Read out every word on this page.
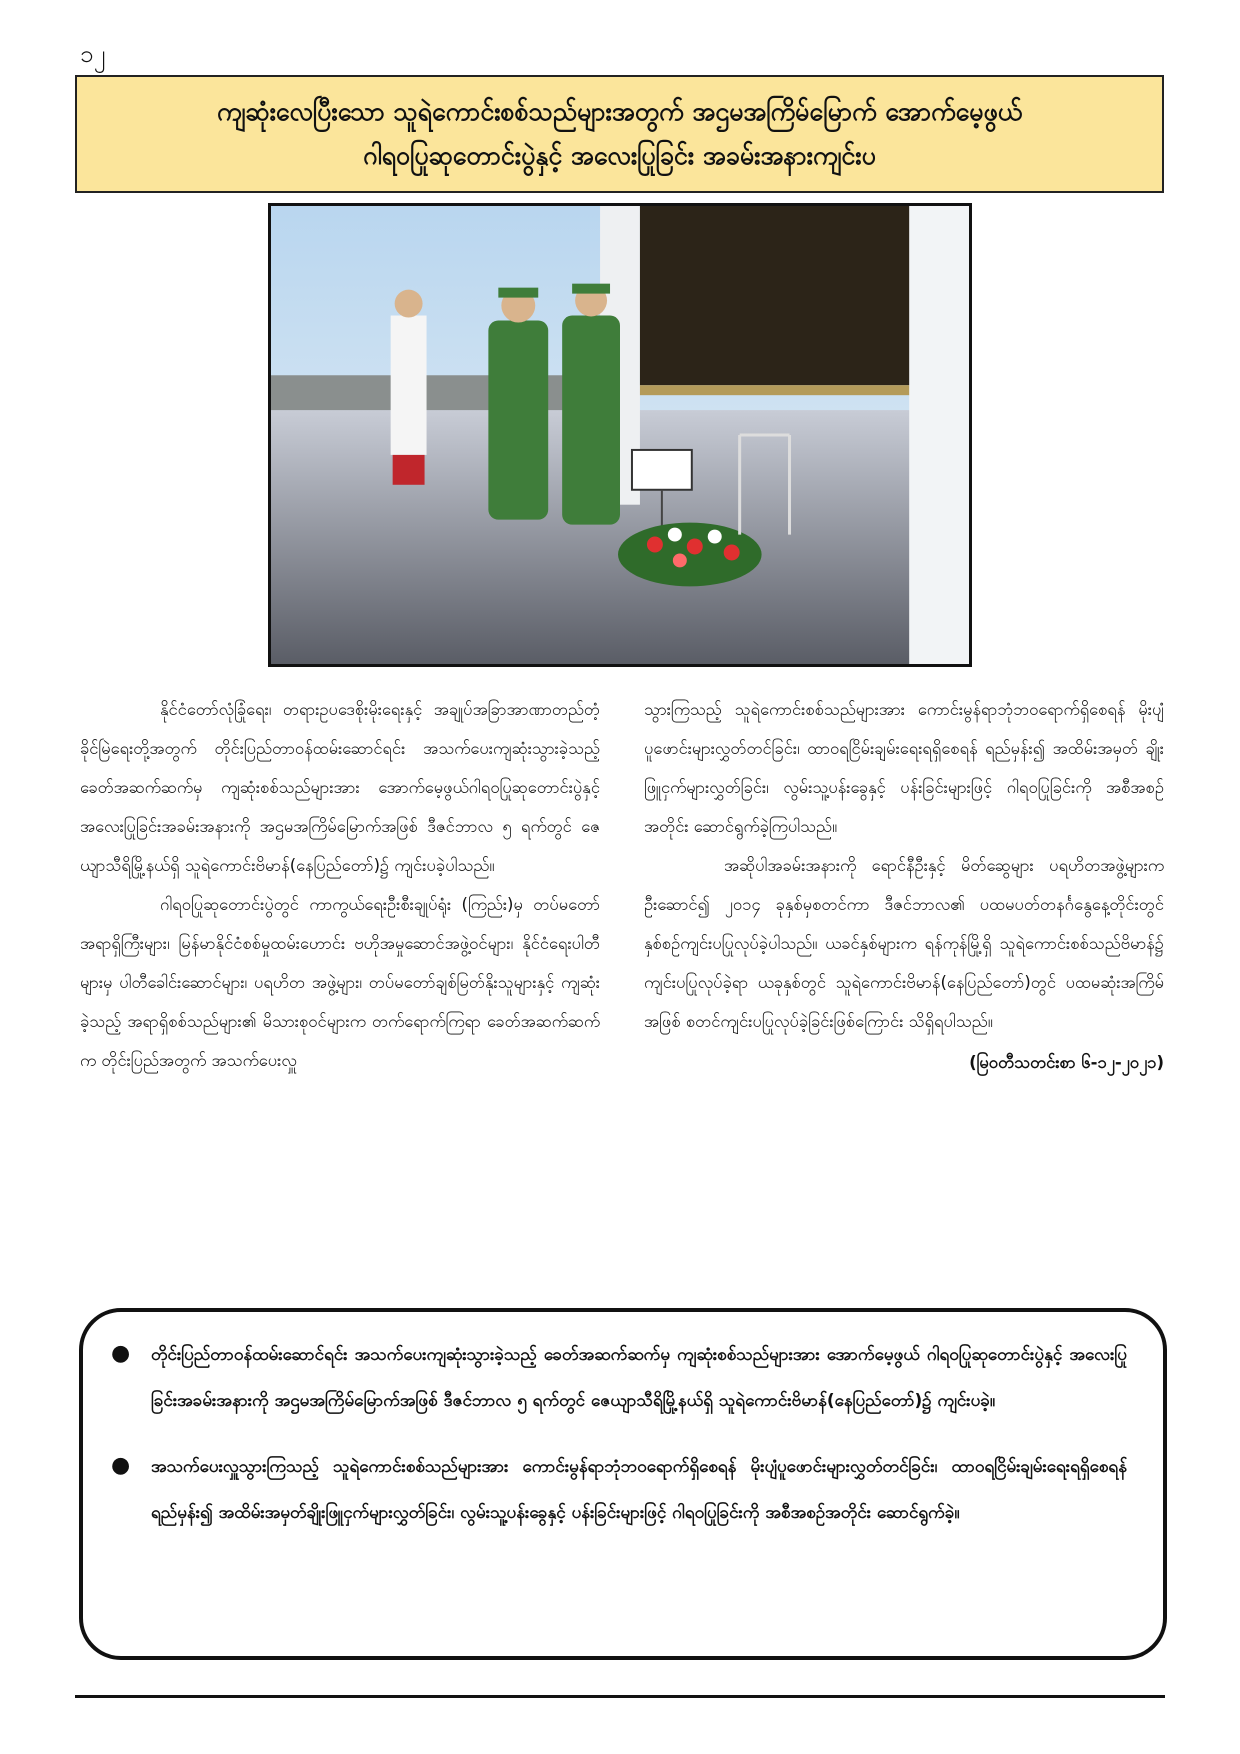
၁၂
ကျဆုံးလေပြီးသော သူရဲကောင်းစစ်သည်များအတွက် အဌမအကြိမ်မြောက် အောက်မေ့ဖွယ်
ဂါရ၀ပြုဆုတောင်းပွဲနှင့် အလေးပြုခြင်း အခမ်းအနားကျင်းပ

နိုင်ငံတော်လုံခြုံရေး၊ တရားဥပဒေစိုးမိုးရေးနှင့် အချုပ်အခြာအာဏာတည်တံ့ခိုင်မြဲရေးတို့အတွက် တိုင်းပြည်တာ၀န်ထမ်းဆောင်ရင်း အသက်ပေးကျဆုံးသွားခဲ့သည့် ခေတ်အဆက်ဆက်မှ ကျဆုံးစစ်သည်များအား အောက်မေ့ဖွယ်ဂါရ၀ပြုဆုတောင်းပွဲနှင့် အလေးပြုခြင်းအခမ်းအနားကို အဌမအကြိမ်မြောက်အဖြစ် ဒီဇင်ဘာလ ၅ ရက်တွင် ဇေယျာသီရိမြို့နယ်ရှိ သူရဲကောင်းဗိမာန်(နေပြည်တော်)၌ ကျင်းပခဲ့ပါသည်။

ဂါရ၀ပြုဆုတောင်းပွဲတွင် ကာကွယ်ရေးဦးစီးချုပ်ရုံး (ကြည်း)မှ တပ်မတော်အရာရှိကြီးများ၊ မြန်မာနိုင်ငံစစ်မှုထမ်းဟောင်း ဗဟိုအမှုဆောင်အဖွဲ့၀င်များ၊ နိုင်ငံရေးပါတီများမှ ပါတီခေါင်းဆောင်များ၊ ပရဟိတ အဖွဲ့များ၊ တပ်မတော်ချစ်မြတ်နိုးသူများနှင့် ကျဆုံးခဲ့သည့် အရာရှိစစ်သည်များ၏ မိသားစု၀င်များက တက်ရောက်ကြရာ ခေတ်အဆက်ဆက်က တိုင်းပြည်အတွက် အသက်ပေးလှူ

သွားကြသည့် သူရဲကောင်းစစ်သည်များအား ကောင်းမွန်ရာဘုံဘ၀ရောက်ရှိစေရန် မိုးပျံပူဖောင်းများလွှတ်တင်ခြင်း၊ ထာ၀ရငြိမ်းချမ်းရေးရရှိစေရန် ရည်မှန်း၍ အထိမ်းအမှတ် ချိုးဖြူငှက်များလွှတ်ခြင်း၊ လွမ်းသူ့ပန်းခွေနှင့် ပန်းခြင်းများဖြင့် ဂါရ၀ပြုခြင်းကို အစီအစဉ်အတိုင်း ဆောင်ရွက်ခဲ့ကြပါသည်။

အဆိုပါအခမ်းအနားကို ရောင်နီဦးနှင့် မိတ်ဆွေများ ပရဟိတအဖွဲ့များက ဦးဆောင်၍ ၂၀၁၄ ခုနှစ်မှစတင်ကာ ဒီဇင်ဘာလ၏ ပထမပတ်တနင်္ဂနွေနေ့တိုင်းတွင် နှစ်စဉ်ကျင်းပပြုလုပ်ခဲ့ပါသည်။ ယခင်နှစ်များက ရန်ကုန်မြို့ရှိ သူရဲကောင်းစစ်သည်ဗိမာန်၌ ကျင်းပပြုလုပ်ခဲ့ရာ ယခုနှစ်တွင် သူရဲကောင်းဗိမာန်(နေပြည်တော်)တွင် ပထမဆုံးအကြိမ်အဖြစ် စတင်ကျင်းပပြုလုပ်ခဲ့ခြင်းဖြစ်ကြောင်း သိရှိရပါသည်။

(မြ၀တီသတင်းစာ ၆-၁၂-၂၀၂၁)
●	တိုင်းပြည်တာ၀န်ထမ်းဆောင်ရင်း အသက်ပေးကျဆုံးသွားခဲ့သည့် ခေတ်အဆက်ဆက်မှ ကျဆုံးစစ်သည်များအား အောက်မေ့ဖွယ် ဂါရ၀ပြုဆုတောင်းပွဲနှင့် အလေးပြုခြင်းအခမ်းအနားကို အဌမအကြိမ်မြောက်အဖြစ် ဒီဇင်ဘာလ ၅ ရက်တွင် ဇေယျာသီရိမြို့နယ်ရှိ သူရဲကောင်းဗိမာန်(နေပြည်တော်)၌ ကျင်းပခဲ့။
●	အသက်ပေးလှူသွားကြသည့် သူရဲကောင်းစစ်သည်များအား ကောင်းမွန်ရာဘုံဘ၀ရောက်ရှိစေရန် မိုးပျံပူဖောင်းများလွှတ်တင်ခြင်း၊ ထာ၀ရငြိမ်းချမ်းရေးရရှိစေရန် ရည်မှန်း၍ အထိမ်းအမှတ်ချိုးဖြူငှက်များလွှတ်ခြင်း၊ လွမ်းသူ့ပန်းခွေနှင့် ပန်းခြင်းများဖြင့် ဂါရ၀ပြုခြင်းကို အစီအစဉ်အတိုင်း ဆောင်ရွက်ခဲ့။
